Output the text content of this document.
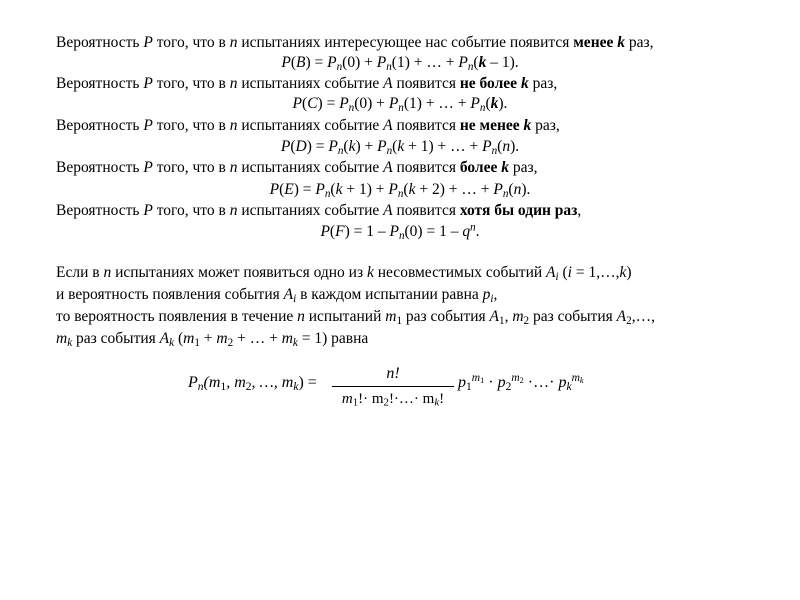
Вероятность P того, что в n испытаниях интересующее нас событие появится менее k раз,
$P(B) = P_n(0) + P_n(1)$ + … + $P_n(k - 1)$.
Вероятность P того, что в n испытаниях событие A появится не более k раз,
$P(C) = P_n(0) + P_n(1)$ + … + $P_n(k)$.
Вероятность P того, что в n испытаниях событие A появится не менее k раз,
$P(D) = P_n(k) + P_n(k + 1)$ + … + $P_n(n)$.
Вероятность P того, что в n испытаниях событие A появится более k раз,
$P(E) = P_n(k + 1) + P_n(k + 2)$ + … + $P_n(n)$.
Вероятность P того, что в n испытаниях событие A появится хотя бы один раз,
$P(F) = 1 - P_n(0) = 1 - q^n$.
Если в n испытаниях может появиться одно из k несовместимых событий $A_i$ (i = 1,…,k)
и вероятность появления события $A_i$ в каждом испытании равна $p_i$,
то вероятность появления в течение n испытаний $m_1$ раз события $A_1$, $m_2$ раз события $A_2,\dots$,
$m_k$ раз события $A_k$ ($m_1 + m_2$ + … + $m_k = 1$) равна
$P_n(m_1$, $m_2$, …, $m_k$) =
n!
$m_1!\cdot$ $m_2!\cdot\dots\cdot m_k$!
$p_1^{m_1} \cdot p_2^{m_2}$ ·…· $p_k^{m_k}$
